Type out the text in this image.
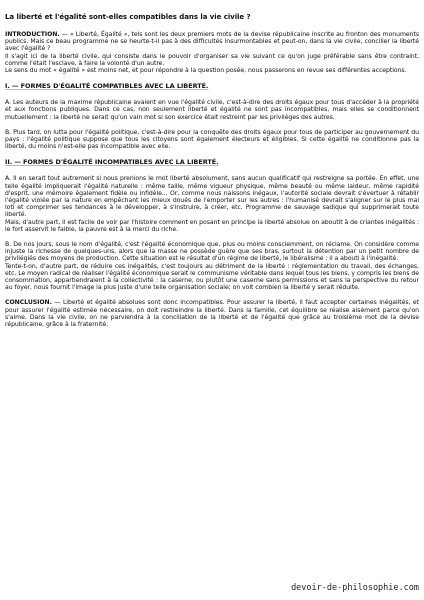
La liberté et l'égalité sont-elles compatibles dans la vie civile ?
INTRODUCTION. — « Liberté, Égalité », tels sont les deux premiers mots de la devise républicaine inscrite au fronton des monuments publics. Mais ce beau programme ne se heurte-t-il pas à des difficultés insurmontables et peut-on, dans la vie civile, concilier la liberté avec l'égalité ?
Il s'agit ici de la liberté civile, qui consiste dans le pouvoir d'organiser sa vie suivant ce qu'on juge préférable sans être contraint, comme l'était l'esclave, à faire la volonté d'un autre.
Le sens du mot « égalité » est moins net, et pour répondre à la question posée, nous passerons en revue ses différentes acceptions.
I. — FORMES D'ÉGALITÉ COMPATIBLES AVEC LA LIBERTÉ.
A. Les auteurs de la maxime républicaine avaient en vue l'égalité civile, c'est-à-dire des droits égaux pour tous d'accéder à la propriété et aux fonctions publiques. Dans ce cas, non seulement liberté et égalité ne sont pas incompatibles, mais elles se conditionnent mutuellement : la liberté ne serait qu'un vain mot si son exercice était restreint par les privilèges des autres.
B. Plus tard, on lutta pour l'égalité politique, c'est-à-dire pour la conquête des droits égaux pour tous de participer au gouvernement du pays : l'égalité politique suppose que tous les citoyens sont également électeurs et éligibles. Si cette égalité ne conditionne pas la liberté, du moins n'est-elle pas incompatible avec elle.
II. — FORMES D'ÉGALITÉ INCOMPATIBLES AVEC LA LIBERTÉ.
A. Il en serait tout autrement si nous prenions le mot liberté absolument, sans aucun qualificatif qui restreigne sa portée. En effet, une telle égalité impliquerait l'égalité naturelle : même taille, même vigueur physique, même beauté ou même laideur, même rapidité d'esprit, une mémoire également fidèle ou infidèle... Or, comme nous naissons inégaux, l'autorité sociale devrait s'évertuer à rétablir l'égalité violée par la nature en empêchant les mieux doués de l'emporter sur les autres : l'humanisé devrait s'aligner sur le plus mal loti et comprimer ses tendances à le développer, à s'instruire, à créer, etc. Programme de sauvage sadique qui supprimerait toute liberté.
Mais, d'autre part, il est facile de voir par l'histoire comment en posant en principe la liberté absolue on aboutit à de criantes inégalités : le fort asservit le faible, la pauvre est à la merci du riche.
B. De nos jours, sous le nom d'égalité, c'est l'égalité économique que, plus ou moins consciemment, on réclame. On considère comme injuste la richesse de quelques-uns, alors que la masse ne possède guère que ses bras, surtout la détention par un petit nombre de privilégiés des moyens de production. Cette situation est le résultat d'un régime de liberté, le libéralisme : il a abouti à l'inégalité.
Tente-t-on, d'autre part, de réduire ces inégalités, c'est toujours au détriment de la liberté : réglementation du travail, des échanges, etc. Le moyen radical de réaliser l'égalité économique serait le communisme véritable dans lequel tous les biens, y compris les biens de consommation, appartiendraient à la collectivité : la caserne, ou plutôt une caserne sans permissions et sans la perspective du retour au foyer, nous fournit l'image la plus juste d'une telle organisation sociale; on voit combien la liberté y serait réduite.
CONCLUSION. — Liberté et égalité absolues sont donc incompatibles. Pour assurer la liberté, il faut accepter certaines inégalités, et pour assurer l'égalité estimée nécessaire, on doit restreindre la liberté. Dans la famille, cet équilibre se réalise aisément parce qu'on s'aime. Dans la vie civile, on ne parviendra à la conciliation de la liberté et de l'égalité que grâce au troisième mot de la devise républicaine, grâce à la fraternité.
devoir-de-philosophie.com
